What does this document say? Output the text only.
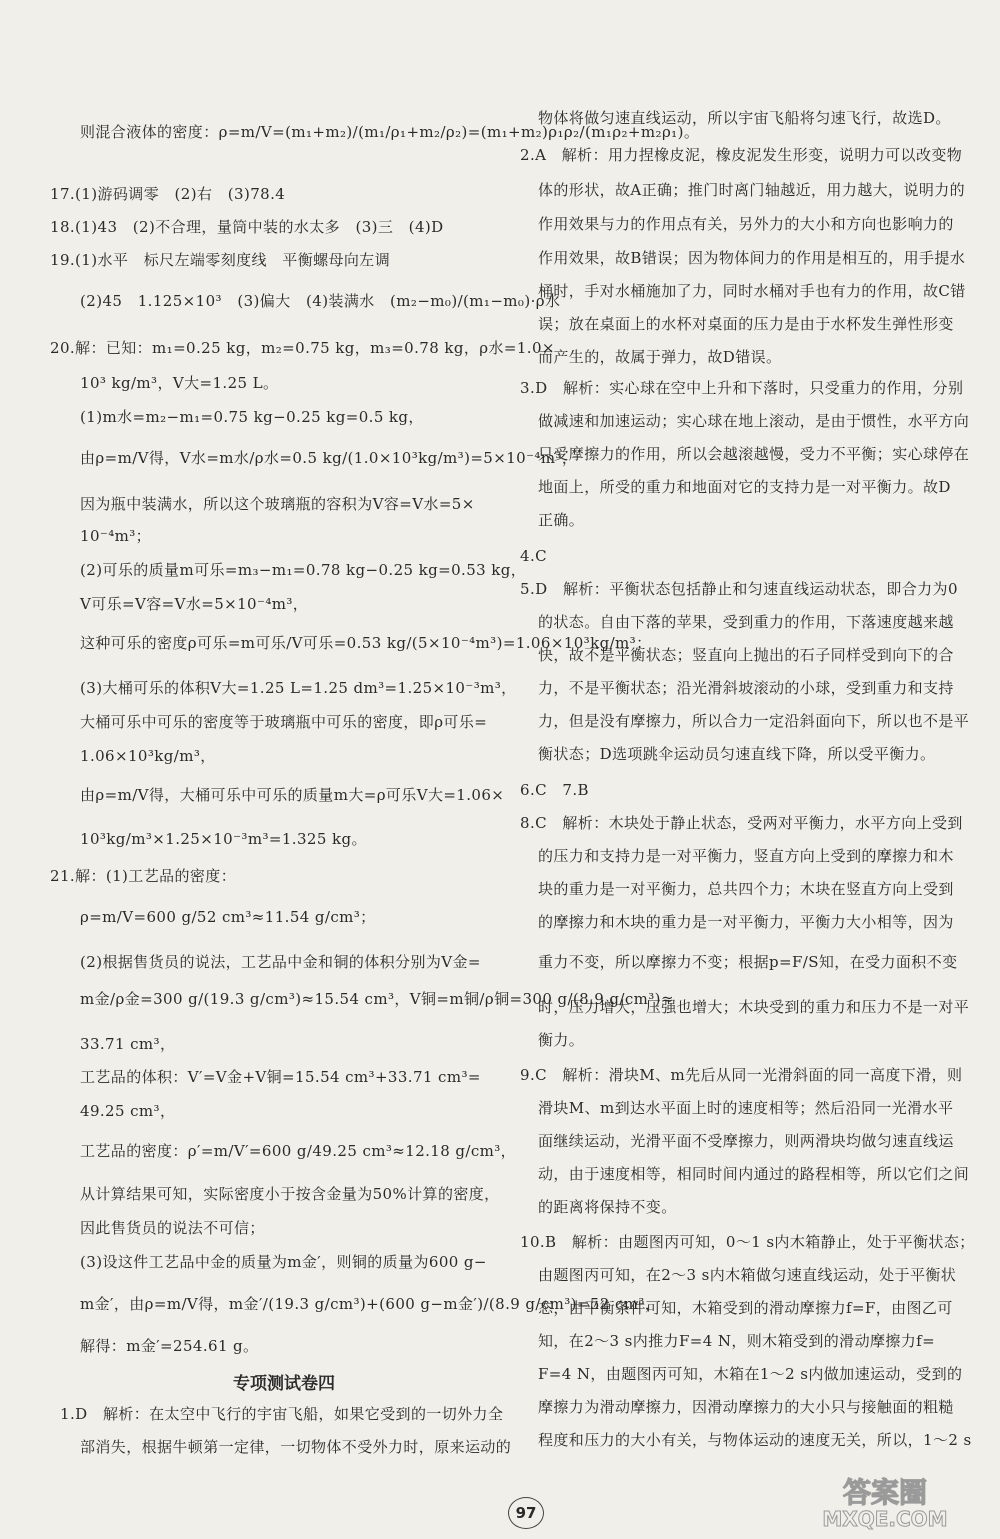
则混合液体的密度：ρ=m/V=(m₁+m₂)/(m₁/ρ₁+m₂/ρ₂)=(m₁+m₂)ρ₁ρ₂/(m₁ρ₂+m₂ρ₁)。
17.(1)游码调零　(2)右　(3)78.4
18.(1)43　(2)不合理，量筒中装的水太多　(3)三　(4)D
19.(1)水平　标尺左端零刻度线　平衡螺母向左调
(2)45　1.125×10³　(3)偏大　(4)装满水　(m₂−m₀)/(m₁−m₀)·ρ水
20.解：已知：m₁=0.25 kg，m₂=0.75 kg，m₃=0.78 kg，ρ水=1.0×
10³ kg/m³，V大=1.25 L。
(1)m水=m₂−m₁=0.75 kg−0.25 kg=0.5 kg，
由ρ=m/V得，V水=m水/ρ水=0.5 kg/(1.0×10³kg/m³)=5×10⁻⁴m³，
因为瓶中装满水，所以这个玻璃瓶的容积为V容=V水=5×
10⁻⁴m³；
(2)可乐的质量m可乐=m₃−m₁=0.78 kg−0.25 kg=0.53 kg，
V可乐=V容=V水=5×10⁻⁴m³，
这种可乐的密度ρ可乐=m可乐/V可乐=0.53 kg/(5×10⁻⁴m³)=1.06×10³kg/m³；
(3)大桶可乐的体积V大=1.25 L=1.25 dm³=1.25×10⁻³m³，
大桶可乐中可乐的密度等于玻璃瓶中可乐的密度，即ρ可乐=
1.06×10³kg/m³，
由ρ=m/V得，大桶可乐中可乐的质量m大=ρ可乐V大=1.06×
10³kg/m³×1.25×10⁻³m³=1.325 kg。
21.解：(1)工艺品的密度：
ρ=m/V=600 g/52 cm³≈11.54 g/cm³；
(2)根据售货员的说法，工艺品中金和铜的体积分别为V金=
m金/ρ金=300 g/(19.3 g/cm³)≈15.54 cm³，V铜=m铜/ρ铜=300 g/(8.9 g/cm³)≈
33.71 cm³，
工艺品的体积：V′=V金+V铜=15.54 cm³+33.71 cm³=
49.25 cm³，
工艺品的密度：ρ′=m/V′=600 g/49.25 cm³≈12.18 g/cm³，
从计算结果可知，实际密度小于按含金量为50%计算的密度，
因此售货员的说法不可信；
(3)设这件工艺品中金的质量为m金′，则铜的质量为600 g−
m金′，由ρ=m/V得，m金′/(19.3 g/cm³)+(600 g−m金′)/(8.9 g/cm³)=52 cm³，
解得：m金′=254.61 g。
专项测试卷四
1.D　解析：在太空中飞行的宇宙飞船，如果它受到的一切外力全
部消失，根据牛顿第一定律，一切物体不受外力时，原来运动的
物体将做匀速直线运动，所以宇宙飞船将匀速飞行，故选D。
2.A　解析：用力捏橡皮泥，橡皮泥发生形变，说明力可以改变物
体的形状，故A正确；推门时离门轴越近，用力越大，说明力的
作用效果与力的作用点有关，另外力的大小和方向也影响力的
作用效果，故B错误；因为物体间力的作用是相互的，用手提水
桶时，手对水桶施加了力，同时水桶对手也有力的作用，故C错
误；放在桌面上的水杯对桌面的压力是由于水杯发生弹性形变
而产生的，故属于弹力，故D错误。
3.D　解析：实心球在空中上升和下落时，只受重力的作用，分别
做减速和加速运动；实心球在地上滚动，是由于惯性，水平方向
只受摩擦力的作用，所以会越滚越慢，受力不平衡；实心球停在
地面上，所受的重力和地面对它的支持力是一对平衡力。故D
正确。
4.C
5.D　解析：平衡状态包括静止和匀速直线运动状态，即合力为0
的状态。自由下落的苹果，受到重力的作用，下落速度越来越
快，故不是平衡状态；竖直向上抛出的石子同样受到向下的合
力，不是平衡状态；沿光滑斜坡滚动的小球，受到重力和支持
力，但是没有摩擦力，所以合力一定沿斜面向下，所以也不是平
衡状态；D选项跳伞运动员匀速直线下降，所以受平衡力。
6.C　7.B
8.C　解析：木块处于静止状态，受两对平衡力，水平方向上受到
的压力和支持力是一对平衡力，竖直方向上受到的摩擦力和木
块的重力是一对平衡力，总共四个力；木块在竖直方向上受到
的摩擦力和木块的重力是一对平衡力，平衡力大小相等，因为
重力不变，所以摩擦力不变；根据p=F/S知，在受力面积不变
时，压力增大，压强也增大；木块受到的重力和压力不是一对平
衡力。
9.C　解析：滑块M、m先后从同一光滑斜面的同一高度下滑，则
滑块M、m到达水平面上时的速度相等；然后沿同一光滑水平
面继续运动，光滑平面不受摩擦力，则两滑块均做匀速直线运
动，由于速度相等，相同时间内通过的路程相等，所以它们之间
的距离将保持不变。
10.B　解析：由题图丙可知，0～1 s内木箱静止，处于平衡状态；
由题图丙可知，在2～3 s内木箱做匀速直线运动，处于平衡状
态，由平衡条件可知，木箱受到的滑动摩擦力f=F，由图乙可
知，在2～3 s内推力F=4 N，则木箱受到的滑动摩擦力f=
F=4 N，由题图丙可知，木箱在1～2 s内做加速运动，受到的
摩擦力为滑动摩擦力，因滑动摩擦力的大小只与接触面的粗糙
程度和压力的大小有关，与物体运动的速度无关，所以，1～2 s
97
答案圈
MXQE.COM
